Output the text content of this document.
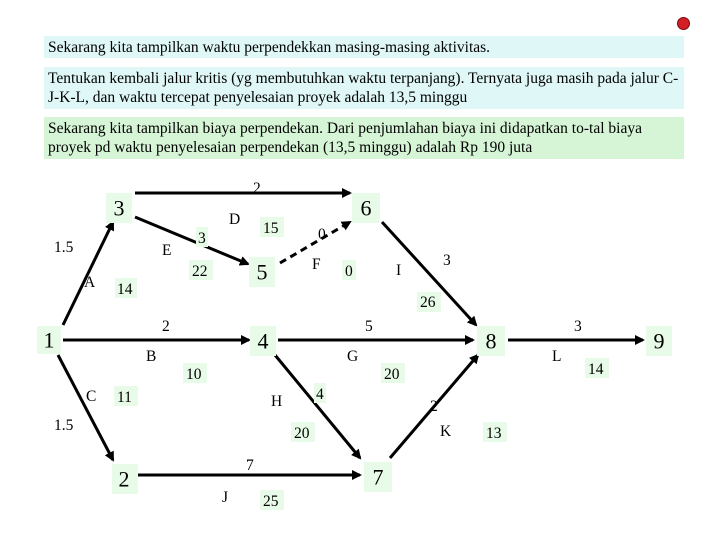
Sekarang kita tampilkan waktu perpendekkan masing-masing aktivitas.
Tentukan kembali jalur kritis (yg membutuhkan waktu terpanjang). Ternyata juga masih pada jalur C-J-K-L, dan waktu tercepat penyelesaian proyek adalah 13,5 minggu
Sekarang kita tampilkan biaya perpendekan. Dari penjumlahan biaya ini didapatkan to-tal biaya proyek pd waktu penyelesaian perpendekan (13,5 minggu) adalah Rp 190 juta
1
2
3
4
5
6
7
8	9
A
1.5
14
D
2
15
E
3
22	F
0
0	I
3
26
B
2
10
G
5
20
L
3
14
C
1.5
11	H 4
20	K
2
13
J
7
25
